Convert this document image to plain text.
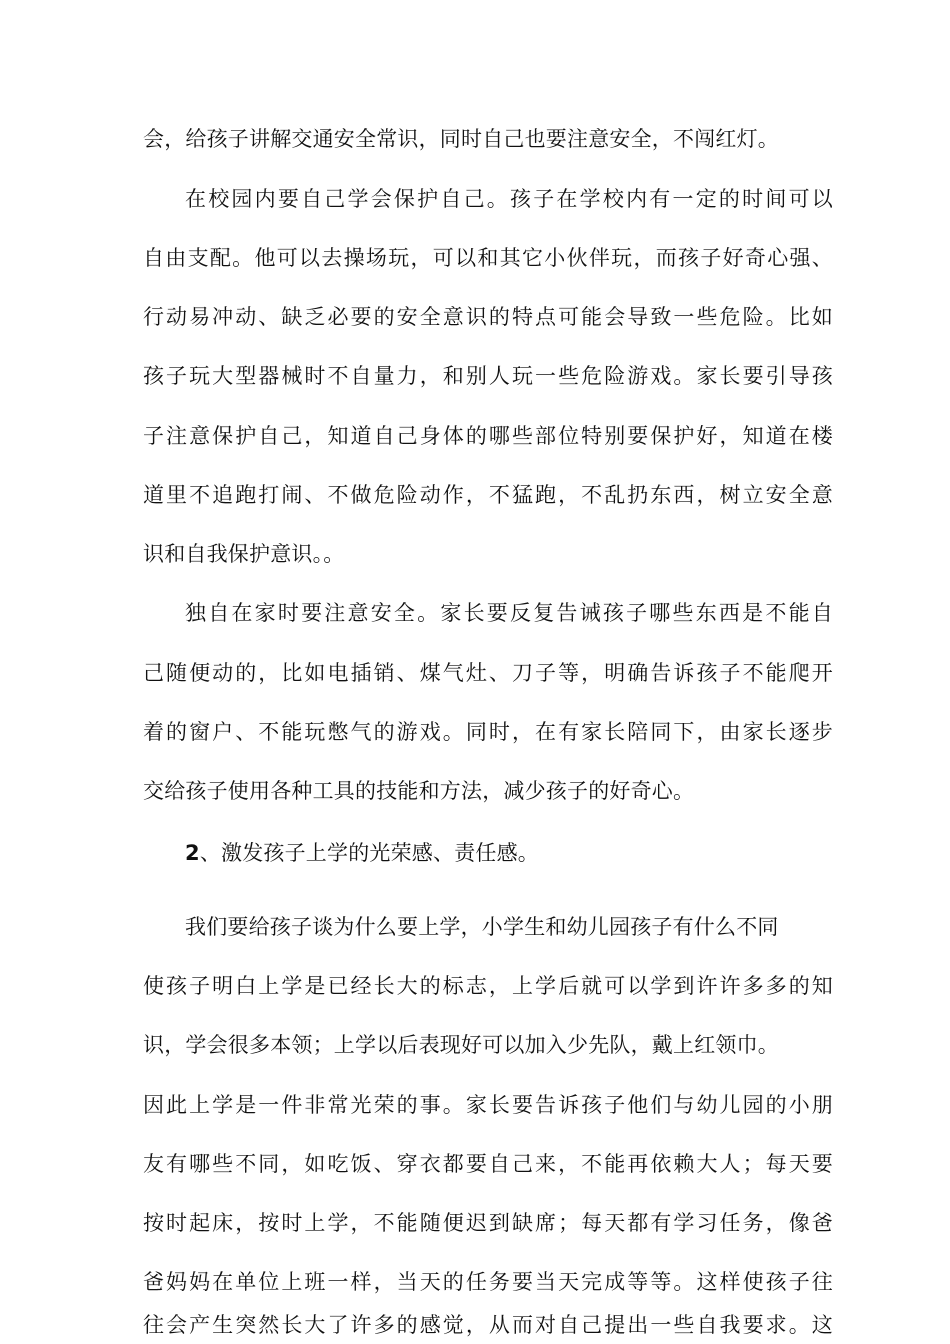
会，给孩子讲解交通安全常识，同时自己也要注意安全，不闯红灯。

在校园内要自己学会保护自己。孩子在学校内有一定的时间可以

自由支配。他可以去操场玩，可以和其它小伙伴玩，而孩子好奇心强、

行动易冲动、缺乏必要的安全意识的特点可能会导致一些危险。比如

孩子玩大型器械时不自量力，和别人玩一些危险游戏。家长要引导孩

子注意保护自己，知道自己身体的哪些部位特别要保护好，知道在楼

道里不追跑打闹、不做危险动作，不猛跑，不乱扔东西，树立安全意

识和自我保护意识。。

独自在家时要注意安全。家长要反复告诫孩子哪些东西是不能自

己随便动的，比如电插销、煤气灶、刀子等，明确告诉孩子不能爬开

着的窗户、不能玩憋气的游戏。同时，在有家长陪同下，由家长逐步

交给孩子使用各种工具的技能和方法，减少孩子的好奇心。

2、激发孩子上学的光荣感、责任感。

我们要给孩子谈为什么要上学，小学生和幼儿园孩子有什么不同

使孩子明白上学是已经长大的标志，上学后就可以学到许许多多的知

识，学会很多本领；上学以后表现好可以加入少先队，戴上红领巾。

因此上学是一件非常光荣的事。家长要告诉孩子他们与幼儿园的小朋

友有哪些不同，如吃饭、穿衣都要自己来，不能再依赖大人；每天要

按时起床，按时上学，不能随便迟到缺席；每天都有学习任务，像爸

爸妈妈在单位上班一样，当天的任务要当天完成等等。这样使孩子往

往会产生突然长大了许多的感觉，从而对自己提出一些自我要求。这
